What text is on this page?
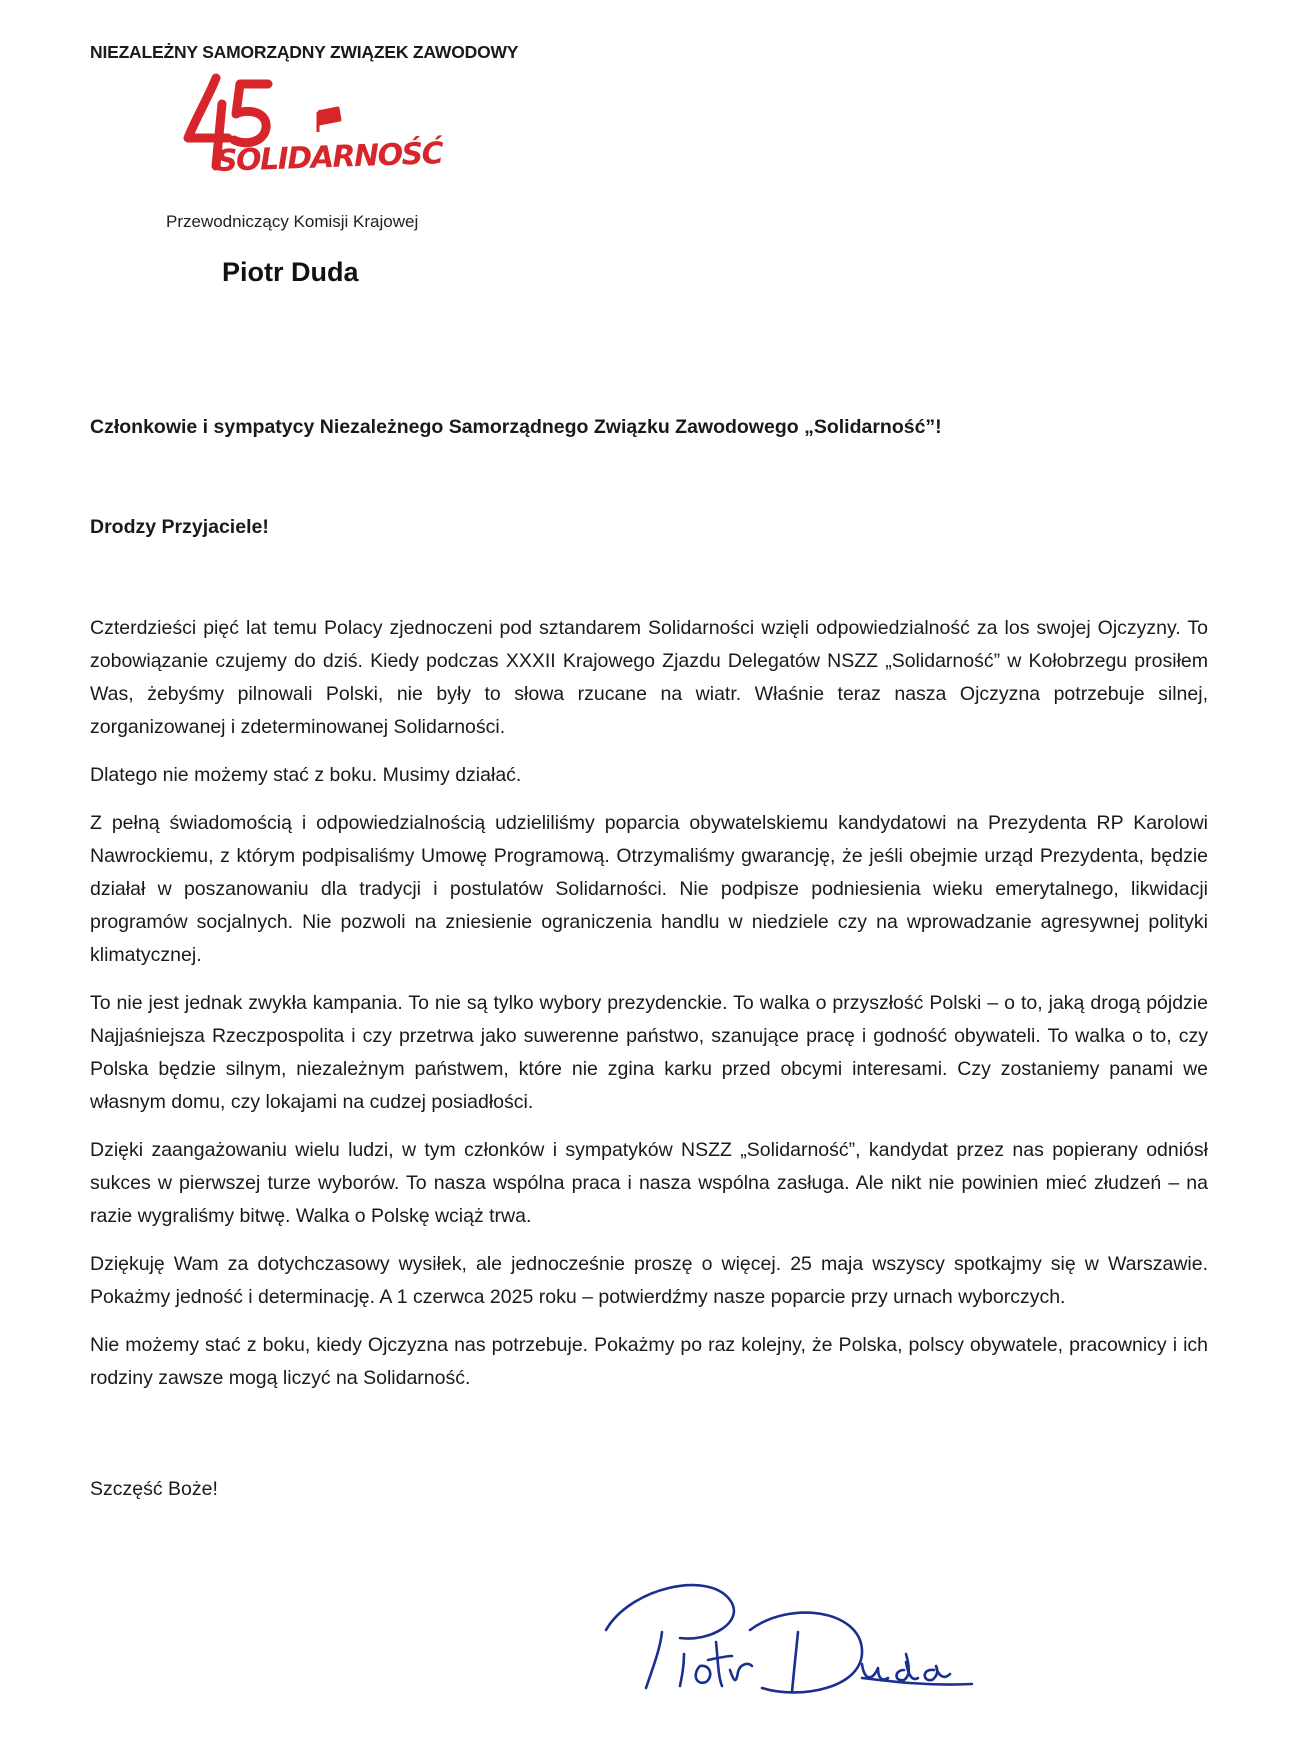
NIEZALEŻNY SAMORZĄDNY ZWIĄZEK ZAWODOWY
SOLIDARNOŚĆ
Przewodniczący Komisji Krajowej
Piotr Duda
Członkowie i sympatycy Niezależnego Samorządnego Związku Zawodowego „Solidarność”!
Drodzy Przyjaciele!

Czterdzieści pięć lat temu Polacy zjednoczeni pod sztandarem Solidarności wzięli odpowiedzialność za los swojej Ojczyzny. To zobowiązanie czujemy do dziś. Kiedy podczas XXXII Krajowego Zjazdu Delegatów NSZZ „Solidarność” w Kołobrzegu prosiłem Was, żebyśmy pilnowali Polski, nie były to słowa rzucane na wiatr. Właśnie teraz nasza Ojczyzna potrzebuje silnej, zorganizowanej i zdeterminowanej Solidarności.

Dlatego nie możemy stać z boku. Musimy działać.

Z pełną świadomością i odpowiedzialnością udzieliliśmy poparcia obywatelskiemu kandydatowi na Prezydenta RP Karolowi Nawrockiemu, z którym podpisaliśmy Umowę Programową. Otrzymaliśmy gwarancję, że jeśli obejmie urząd Prezydenta, będzie działał w poszanowaniu dla tradycji i postulatów Solidarności. Nie podpisze podniesienia wieku emerytalnego, likwidacji programów socjalnych. Nie pozwoli na zniesienie ograniczenia handlu w niedziele czy na wprowadzanie agresywnej polityki klimatycznej.

To nie jest jednak zwykła kampania. To nie są tylko wybory prezydenckie. To walka o przyszłość Polski – o to, jaką drogą pójdzie Najjaśniejsza Rzeczpospolita i czy przetrwa jako suwerenne państwo, szanujące pracę i godność obywateli. To walka o to, czy Polska będzie silnym, niezależnym państwem, które nie zgina karku przed obcymi interesami. Czy zostaniemy panami we własnym domu, czy lokajami na cudzej posiadłości.

Dzięki zaangażowaniu wielu ludzi, w tym członków i sympatyków NSZZ „Solidarność”, kandydat przez nas popierany odniósł sukces w pierwszej turze wyborów. To nasza wspólna praca i nasza wspólna zasługa. Ale nikt nie powinien mieć złudzeń – na razie wygraliśmy bitwę. Walka o Polskę wciąż trwa.

Dziękuję Wam za dotychczasowy wysiłek, ale jednocześnie proszę o więcej. 25 maja wszyscy spotkajmy się w Warszawie. Pokażmy jedność i determinację. A 1 czerwca 2025 roku – potwierdźmy nasze poparcie przy urnach wyborczych.

Nie możemy stać z boku, kiedy Ojczyzna nas potrzebuje. Pokażmy po raz kolejny, że Polska, polscy obywatele, pracownicy i ich rodziny zawsze mogą liczyć na Solidarność.

Szczęść Boże!
